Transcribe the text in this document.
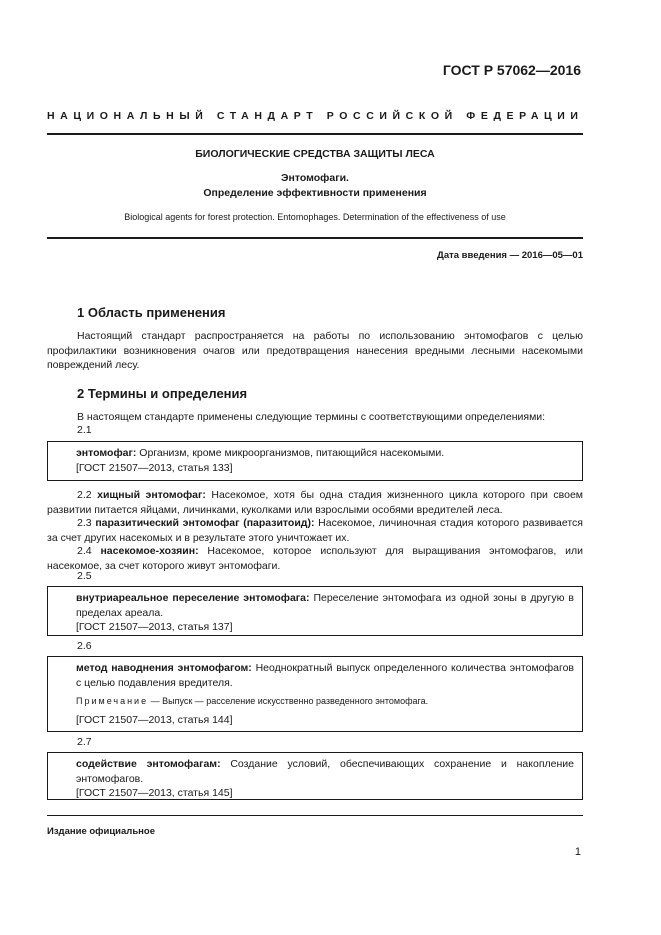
ГОСТ Р 57062—2016
НАЦИОНАЛЬНЫЙ СТАНДАРТ РОССИЙСКОЙ ФЕДЕРАЦИИ
БИОЛОГИЧЕСКИЕ СРЕДСТВА ЗАЩИТЫ ЛЕСА
Энтомофаги.
Определение эффективности применения
Biological agents for forest protection. Entomophages. Determination of the effectiveness of use
Дата введения — 2016—05—01
1 Область применения
Настоящий стандарт распространяется на работы по использованию энтомофагов с целью профилактики возникновения очагов или предотвращения нанесения вредными лесными насекомыми повреждений лесу.
2 Термины и определения
В настоящем стандарте применены следующие термины с соответствующими определениями:
2.1
энтомофаг: Организм, кроме микроорганизмов, питающийся насекомыми.
[ГОСТ 21507—2013, статья 133]
2.2 хищный энтомофаг: Насекомое, хотя бы одна стадия жизненного цикла которого при своем развитии питается яйцами, личинками, куколками или взрослыми особями вредителей леса.
2.3 паразитический энтомофаг (паразитоид): Насекомое, личиночная стадия которого развивается за счет других насекомых и в результате этого уничтожает их.
2.4 насекомое-хозяин: Насекомое, которое используют для выращивания энтомофагов, или насекомое, за счет которого живут энтомофаги.
2.5
внутриареальное переселение энтомофага: Переселение энтомофага из одной зоны в другую в пределах ареала.
[ГОСТ 21507—2013, статья 137]
2.6
метод наводнения энтомофагом: Неоднократный выпуск определенного количества энтомофагов с целью подавления вредителя.
Примечание — Выпуск — расселение искусственно разведенного энтомофага.
[ГОСТ 21507—2013, статья 144]
2.7
содействие энтомофагам: Создание условий, обеспечивающих сохранение и накопление энтомофагов.
[ГОСТ 21507—2013, статья 145]
Издание официальное
1
